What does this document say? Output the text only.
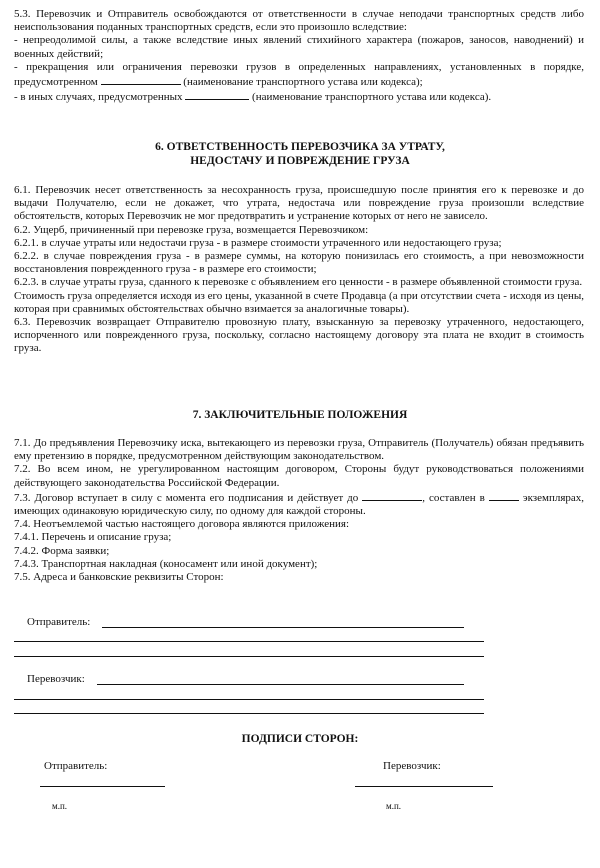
5.3. Перевозчик и Отправитель освобождаются от ответственности в случае неподачи транспортных средств либо неиспользования поданных транспортных средств, если это произошло вследствие:

- непреодолимой силы, а также вследствие иных явлений стихийного характера (пожаров, заносов, наводнений) и военных действий;

- прекращения или ограничения перевозки грузов в определенных направлениях, установленных в порядке, предусмотренном	(наименование транспортного устава или кодекса);

- в иных случаях, предусмотренных	(наименование транспортного устава или кодекса).

6. ОТВЕТСТВЕННОСТЬ ПЕРЕВОЗЧИКА ЗА УТРАТУ,
НЕДОСТАЧУ И ПОВРЕЖДЕНИЕ ГРУЗА

6.1. Перевозчик несет ответственность за несохранность груза, происшедшую после принятия его к перевозке и до выдачи Получателю, если не докажет, что утрата, недостача или повреждение груза произошли вследствие обстоятельств, которых Перевозчик не мог предотвратить и устранение которых от него не зависело.

6.2. Ущерб, причиненный при перевозке груза, возмещается Перевозчиком:

6.2.1. в случае утраты или недостачи груза - в размере стоимости утраченного или недостающего груза;

6.2.2. в случае повреждения груза - в размере суммы, на которую понизилась его стоимость, а при невозможности восстановления поврежденного груза - в размере его стоимости;

6.2.3. в случае утраты груза, сданного к перевозке с объявлением его ценности - в размере объявленной стоимости груза.

Стоимость груза определяется исходя из его цены, указанной в счете Продавца (а при отсутствии счета - исходя из цены, которая при сравнимых обстоятельствах обычно взимается за аналогичные товары).

6.3. Перевозчик возвращает Отправителю провозную плату, взысканную за перевозку утраченного, недостающего, испорченного или поврежденного груза, поскольку, согласно настоящему договору эта плата не входит в стоимость груза.

7. ЗАКЛЮЧИТЕЛЬНЫЕ ПОЛОЖЕНИЯ

7.1. До предъявления Перевозчику иска, вытекающего из перевозки груза, Отправитель (Получатель) обязан предъявить ему претензию в порядке, предусмотренном действующим законодательством.

7.2. Во всем ином, не урегулированном настоящим договором, Стороны будут руководствоваться положениями действующего законодательства Российской Федерации.

7.3. Договор вступает в силу с момента его подписания и действует до	, составлен в	экземплярах, имеющих одинаковую юридическую силу, по одному для каждой стороны.

7.4. Неотъемлемой частью настоящего договора являются приложения:

7.4.1. Перечень и описание груза;

7.4.2. Форма заявки;

7.4.3. Транспортная накладная (коносамент или иной документ);

7.5. Адреса и банковские реквизиты Сторон:

Отправитель:
Перевозчик:
ПОДПИСИ СТОРОН:
Отправитель:	Перевозчик:
м.п.	м.п.
